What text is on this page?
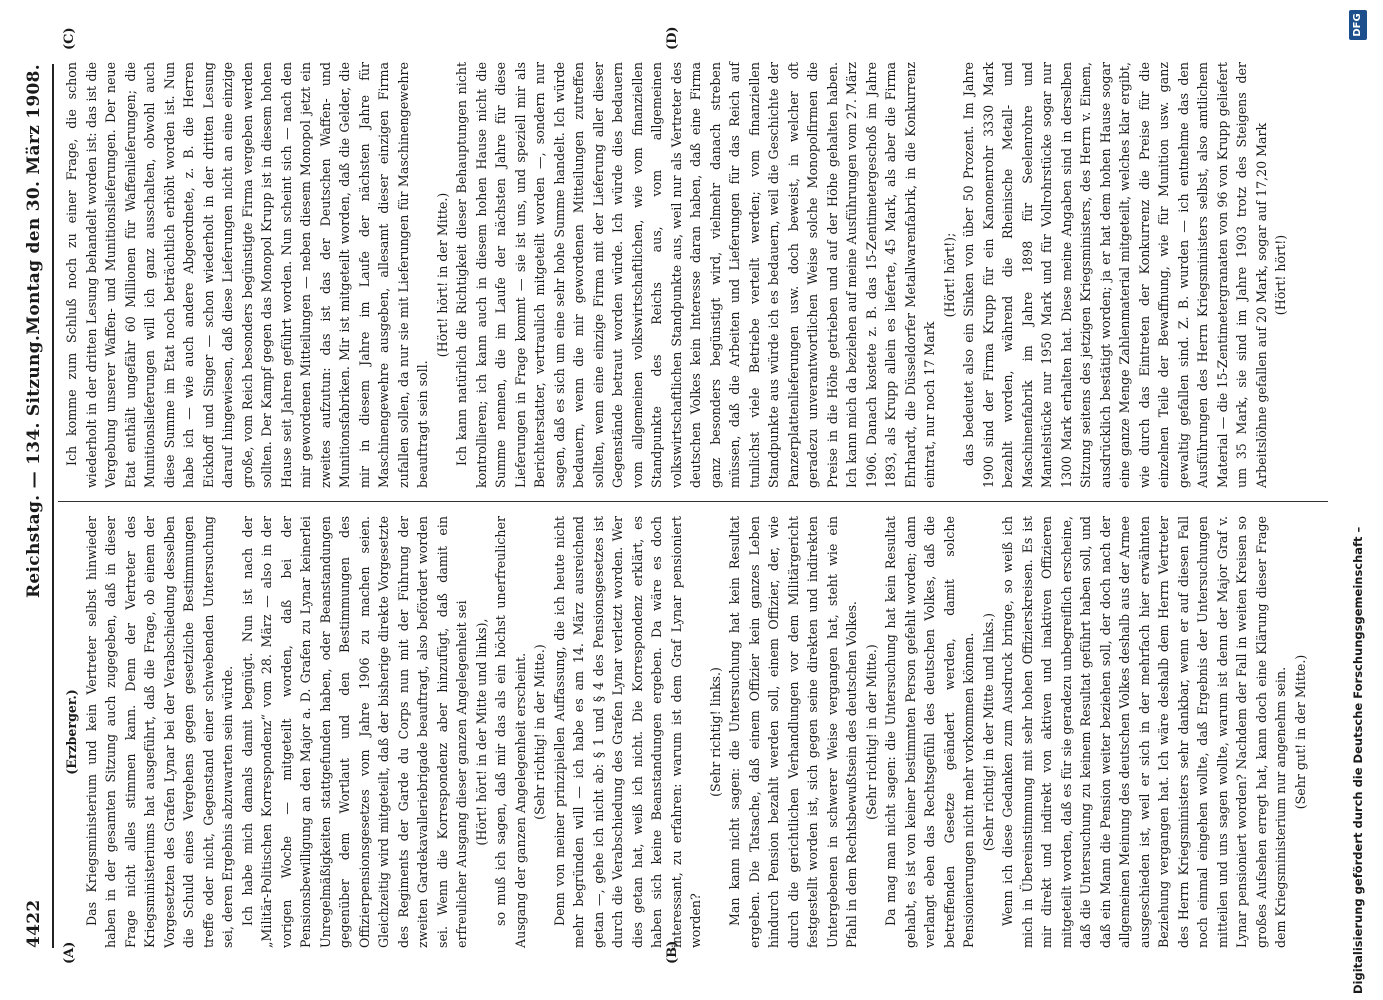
4422
Reichstag. — 134. Sitzung.
Montag den 30. März 1908.
(A)	(B)
(C)	(D)

(Erzberger.) Das Kriegsministerium und kein Vertreter selbst hinwieder haben in der gesamten Sitzung auch zugegeben, daß in dieser Frage nicht alles stimmen kann. Denn der Vertreter des Kriegsministeriums hat ausgeführt, daß die Frage, ob einem der Vorgesetzten des Grafen Lynar bei der Verabschiedung desselben die Schuld eines Vergehens gegen gesetzliche Bestimmungen treffe oder nicht, Gegenstand einer schwebenden Untersuchung sei, deren Ergebnis abzuwarten sein würde. Ich habe mich damals damit begnügt. Nun ist nach der „Militär-Politischen Korrespondenz“ vom 28. März — also in der vorigen Woche — mitgeteilt worden, daß bei der Pensionsbewilligung an den Major a. D. Grafen zu Lynar keinerlei Unregelmäßigkeiten stattgefunden haben, oder Beanstandungen gegenüber dem Wortlaut und den Bestimmungen des Offizierpensionsgesetzes vom Jahre 1906 zu machen seien. Gleichzeitig wird mitgeteilt, daß der bisherige direkte Vorgesetzte des Regiments der Garde du Corps nun mit der Führung der zweiten Gardekavalleriebrigade beauftragt, also befördert worden sei. Wenn die Korrespondenz aber hinzufügt, daß damit ein erfreulicher Ausgang dieser ganzen Angelegenheit sei (Hört! hört! in der Mitte und links), so muß ich sagen, daß mir das als ein höchst unerfreulicher Ausgang der ganzen Angelegenheit erscheint. (Sehr richtig! in der Mitte.) Denn von meiner prinzipiellen Auffassung, die ich heute nicht mehr begründen will — ich habe es am 14. März ausreichend getan —, gehe ich nicht ab: § 1 und § 4 des Pensionsgesetzes ist durch die Verabschiedung des Grafen Lynar verletzt worden. Wer dies getan hat, weiß ich nicht. Die Korrespondenz erklärt, es haben sich keine Beanstandungen ergeben. Da wäre es doch interessant, zu erfahren: warum ist dem Graf Lynar pensioniert worden?

(Sehr richtig! links.) Man kann nicht sagen: die Untersuchung hat kein Resultat ergeben. Die Tatsache, daß einem Offizier kein ganzes Leben hindurch Pension bezahlt werden soll, einem Offizier, der, wie durch die gerichtlichen Verhandlungen vor dem Militärgericht festgestellt worden ist, sich gegen seine direkten und indirekten Untergebenen in schwerer Weise vergangen hat, steht wie ein Pfahl in dem Rechtsbewußtsein des deutschen Volkes. (Sehr richtig! in der Mitte.) Da mag man nicht sagen: die Untersuchung hat kein Resultat gehabt, es ist von keiner bestimmten Person gefehlt worden; dann verlangt eben das Rechtsgefühl des deutschen Volkes, daß die betreffenden Gesetze geändert werden, damit solche Pensionierungen nicht mehr vorkommen können. (Sehr richtig! in der Mitte und links.) Wenn ich diese Gedanken zum Ausdruck bringe, so weiß ich mich in Übereinstimmung mit sehr hohen Offizierskreisen. Es ist mir direkt und indirekt von aktiven und inaktiven Offizieren mitgeteilt worden, daß es für sie geradezu unbegreiflich erscheine, daß die Untersuchung zu keinem Resultat geführt haben soll, und daß ein Mann die Pension weiter beziehen soll, der doch nach der allgemeinen Meinung des deutschen Volkes deshalb aus der Armee ausgeschieden ist, weil er sich in der mehrfach hier erwähnten Beziehung vergangen hat. Ich wäre deshalb dem Herrn Vertreter des Herrn Kriegsministers sehr dankbar, wenn er auf diesen Fall noch einmal eingehen wollte, daß Ergebnis der Untersuchungen mitteilen und uns sagen wollte, warum ist denn der Major Graf v. Lynar pensioniert worden? Nachdem der Fall in weiten Kreisen so großes Aufsehen erregt hat, kann doch eine Klärung dieser Frage dem Kriegsministerium nur angenehm sein. (Sehr gut! in der Mitte.)

Ich komme zum Schluß noch zu einer Frage, die schon wiederholt in der dritten Lesung behandelt worden ist: das ist die Vergebung unserer Waffen- und Munitionslieferungen. Der neue Etat enthält ungefähr 60 Millionen für Waffenlieferungen; die Munitionslieferungen will ich ganz ausschalten, obwohl auch diese Summe im Etat noch beträchtlich erhöht worden ist. Nun habe ich — wie auch andere Abgeordnete, z. B. die Herren Eickhoff und Singer — schon wiederholt in der dritten Lesung darauf hingewiesen, daß diese Lieferungen nicht an eine einzige große, vom Reich besonders begünstigte Firma vergeben werden sollten. Der Kampf gegen das Monopol Krupp ist in diesem hohen Hause seit Jahren geführt worden. Nun scheint sich — nach den mir gewordenen Mitteilungen — neben diesem Monopol jetzt ein zweites aufzutun: das ist das der Deutschen Waffen- und Munitionsfabriken. Mir ist mitgeteilt worden, daß die Gelder, die mir in diesem Jahre im Laufe der nächsten Jahre für Maschinengewehre ausgeben, allesamt dieser einzigen Firma zufallen sollen, da nur sie mit Lieferungen für Maschinengewehre beauftragt sein soll.

(Hört! hört! in der Mitte.) Ich kann natürlich die Richtigkeit dieser Behauptungen nicht kontrollieren; ich kann auch in diesem hohen Hause nicht die Summe nennen, die im Laufe der nächsten Jahre für diese Lieferungen in Frage kommt — sie ist uns, und speziell mir als Berichterstatter, vertraulich mitgeteilt worden —, sondern nur sagen, daß es sich um eine sehr hohe Summe handelt. Ich würde bedauern, wenn die mir gewordenen Mitteilungen zutreffen sollten, wenn eine einzige Firma mit der Lieferung aller dieser Gegenstände betraut worden würde. Ich würde dies bedauern vom allgemeinen volkswirtschaftlichen, wie vom finanziellen Standpunkte des Reichs aus, vom allgemeinen volkswirtschaftlichen Standpunkte aus, weil nur als Vertreter des deutschen Volkes kein Interesse daran haben, daß eine Firma ganz besonders begünstigt wird, vielmehr danach streben müssen, daß die Arbeiten und Lieferungen für das Reich auf tunlichst viele Betriebe verteilt werden; vom finanziellen Standpunkte aus würde ich es bedauern, weil die Geschichte der Panzerplattenlieferungen usw. doch beweist, in welcher oft geradezu unverantwortlichen Weise solche Monopolfirmen die Preise in die Höhe getrieben und auf der Höhe gehalten haben. Ich kann mich da beziehen auf meine Ausführungen vom 27. März 1906. Danach kostete z. B. das 15-Zentimetergeschoß im Jahre 1893, als Krupp allein es lieferte, 45 Mark, als aber die Firma Ehrhardt, die Düsseldorfer Metallwarenfabrik, in die Konkurrenz eintrat, nur noch 17 Mark

(Hört! hört!); das bedeutet also ein Sinken von über 50 Prozent. Im Jahre 1900 sind der Firma Krupp für ein Kanonenrohr 3330 Mark bezahlt worden, während die Rheinische Metall- und Maschinenfabrik im Jahre 1898 für Seelenrohre und Mantelstücke nur 1950 Mark und für Vollrohrstücke sogar nur 1300 Mark erhalten hat. Diese meine Angaben sind in derselben Sitzung seitens des jetzigen Kriegsministers, des Herrn v. Einem, ausdrücklich bestätigt worden; ja er hat dem hohen Hause sogar eine ganze Menge Zahlenmaterial mitgeteilt, welches klar ergibt, wie durch das Eintreten der Konkurrenz die Preise für die einzelnen Teile der Bewaffnung, wie für Munition usw. ganz gewaltig gefallen sind. Z. B. wurden — ich entnehme das den Ausführungen des Herrn Kriegsministers selbst, also amtlichem Material — die 15-Zentimetergranaten von 96 von Krupp geliefert um 35 Mark, sie sind im Jahre 1903 trotz des Steigens der Arbeitslöhne gefallen auf 20 Mark, sogar auf 17,20 Mark (Hört! hört!)

Digitalisierung gefördert durch die Deutsche Forschungsgemeinschaft –
DFG
